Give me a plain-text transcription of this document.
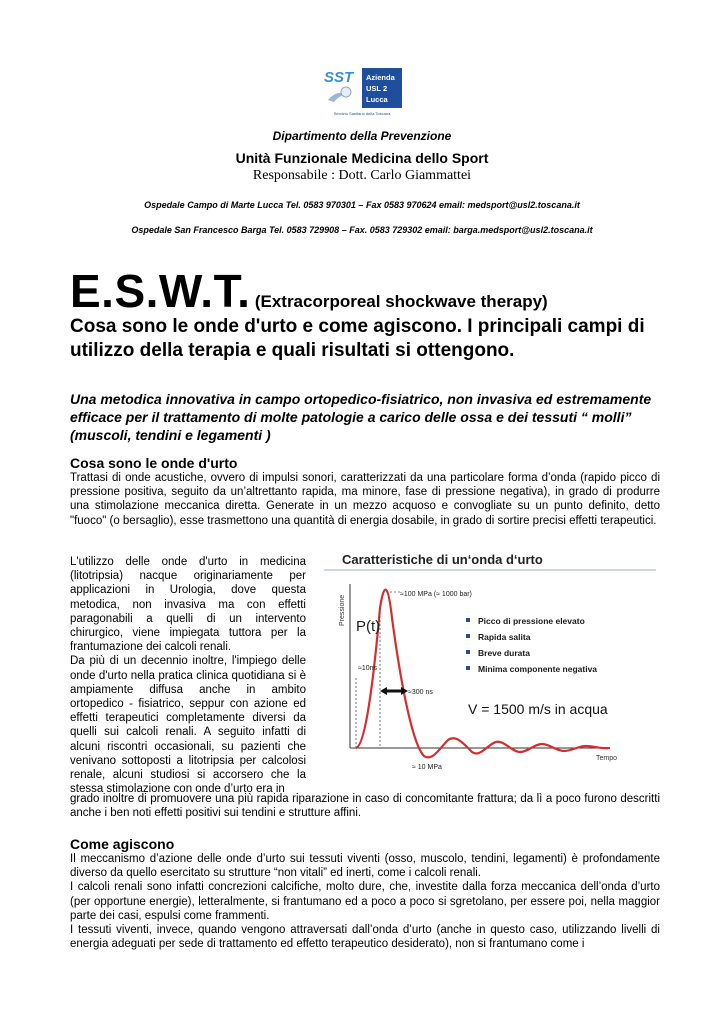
SST Azienda
USL 2
Lucca
Servizio Sanitario della Toscana
Dipartimento della Prevenzione
Unità Funzionale Medicina dello Sport
Responsabile : Dott. Carlo Giammattei
Ospedale Campo di Marte Lucca Tel. 0583 970301 – Fax 0583 970624 email: medsport@usl2.toscana.it
Ospedale San Francesco Barga Tel. 0583 729908 – Fax. 0583 729302 email: barga.medsport@usl2.toscana.it
E.S.W.T. (Extracorporeal shockwave therapy)
Cosa sono le onde d'urto e come agiscono. I principali campi di utilizzo della terapia e quali risultati si ottengono.
Una metodica innovativa in campo ortopedico-fisiatrico, non invasiva ed estremamente efficace per il trattamento di molte patologie a carico delle ossa e dei tessuti “ molli” (muscoli, tendini e legamenti )
Cosa sono le onde d'urto
Trattasi di onde acustiche, ovvero di impulsi sonori, caratterizzati da una particolare forma d’onda (rapido picco di pressione positiva, seguito da un’altrettanto rapida, ma minore, fase di pressione negativa), in grado di produrre una stimolazione meccanica diretta. Generate in un mezzo acquoso e convogliate su un punto definito, detto "fuoco" (o bersaglio), esse trasmettono una quantità di energia dosabile, in grado di sortire precisi effetti terapeutici.

L'utilizzo delle onde d'urto in medicina (litotripsia) nacque originariamente per applicazioni in Urologia, dove questa metodica, non invasiva ma con effetti paragonabili a quelli di un intervento chirurgico, viene impiegata tuttora per la frantumazione dei calcoli renali.

Da più di un decennio inoltre, l'impiego delle onde d'urto nella pratica clinica quotidiana si è ampiamente diffusa anche in ambito ortopedico - fisiatrico, seppur con azione ed effetti terapeutici completamente diversi da quelli sui calcoli renali. A seguito infatti di alcuni riscontri occasionali, su pazienti che venivano sottoposti a litotripsia per calcolosi renale, alcuni studiosi si accorsero che la stessa stimolazione con onde d’urto era in

Caratteristiche di un‘onda d‘urto
Pressione
Tempo
≈100 MPa (≈ 1000 bar)
P(t)
≈10ns
≈300 ns
≈ 10 MPa
V = 1500 m/s in acqua
Picco di pressione elevato
Rapida salita
Breve durata
Minima componente negativa
grado inoltre di promuovere una più rapida riparazione in caso di concomitante frattura; da lì a poco furono descritti anche i ben noti effetti positivi sui tendini e strutture affini.
Come agiscono

Il meccanismo d’azione delle onde d’urto sui tessuti viventi (osso, muscolo, tendini, legamenti) è profondamente diverso da quello esercitato su strutture “non vitali” ed inerti, come i calcoli renali.

I calcoli renali sono infatti concrezioni calcifiche, molto dure, che, investite dalla forza meccanica dell’onda d’urto (per opportune energie), letteralmente, si frantumano ed a poco a poco si sgretolano, per essere poi, nella maggior parte dei casi, espulsi come frammenti.

I tessuti viventi, invece, quando vengono attraversati dall’onda d’urto (anche in questo caso, utilizzando livelli di energia adeguati per sede di trattamento ed effetto terapeutico desiderato), non si frantumano come i
